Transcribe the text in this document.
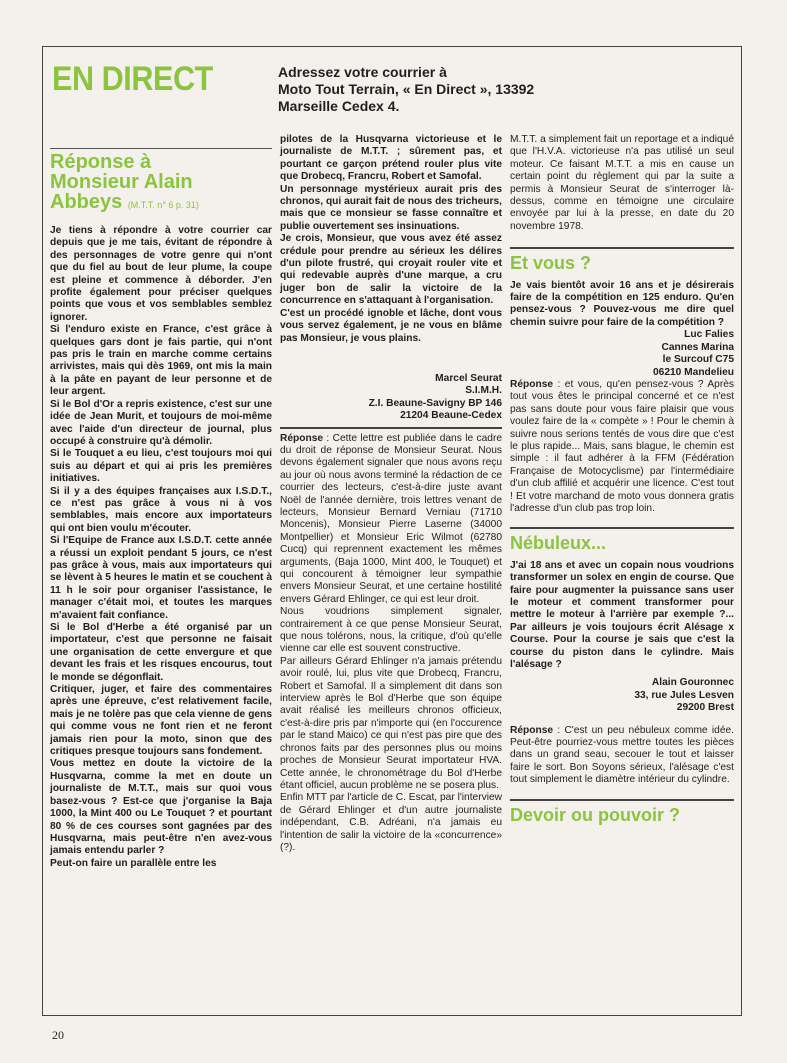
EN DIRECT	Adressez votre courrier à
Moto Tout Terrain, « En Direct », 13392
Marseille Cedex 4.
Réponse à
Monsieur Alain
Abbeys (M.T.T. n° 6 p. 31)

Je tiens à répondre à votre courrier car depuis que je me tais, évitant de répondre à des personnages de votre genre qui n'ont que du fiel au bout de leur plume, la coupe est pleine et commence à déborder. J'en profite également pour préciser quelques points que vous et vos semblables semblez ignorer.

Si l'enduro existe en France, c'est grâce à quelques gars dont je fais partie, qui n'ont pas pris le train en marche comme certains arrivistes, mais qui dès 1969, ont mis la main à la pâte en payant de leur personne et de leur argent.

Si le Bol d'Or a repris existence, c'est sur une idée de Jean Murit, et toujours de moi-même avec l'aide d'un directeur de journal, plus occupé à construire qu'à démolir.

Si le Touquet a eu lieu, c'est toujours moi qui suis au départ et qui ai pris les premières initiatives.

Si il y a des équipes françaises aux I.S.D.T., ce n'est pas grâce à vous ni à vos semblables, mais encore aux importateurs qui ont bien voulu m'écouter.

Si l'Equipe de France aux I.S.D.T. cette année a réussi un exploit pendant 5 jours, ce n'est pas grâce à vous, mais aux importateurs qui se lèvent à 5 heures le matin et se couchent à 11 h le soir pour organiser l'assistance, le manager c'était moi, et toutes les marques m'avaient fait confiance.

Si le Bol d'Herbe a été organisé par un importateur, c'est que personne ne faisait une organisation de cette envergure et que devant les frais et les risques encourus, tout le monde se dégonflait.

Critiquer, juger, et faire des commentaires après une épreuve, c'est relativement facile, mais je ne tolère pas que cela vienne de gens qui comme vous ne font rien et ne feront jamais rien pour la moto, sinon que des critiques presque toujours sans fondement.

Vous mettez en doute la victoire de la Husqvarna, comme la met en doute un journaliste de M.T.T., mais sur quoi vous basez-vous ? Est-ce que j'organise la Baja 1000, la Mint 400 ou Le Touquet ? et pourtant 80 % de ces courses sont gagnées par des Husqvarna, mais peut-être n'en avez-vous jamais entendu parler ?

Peut-on faire un parallèle entre les

pilotes de la Husqvarna victorieuse et le journaliste de M.T.T. ; sûrement pas, et pourtant ce garçon prétend rouler plus vite que Drobecq, Francru, Robert et Samofal.

Un personnage mystérieux aurait pris des chronos, qui aurait fait de nous des tricheurs, mais que ce monsieur se fasse connaître et publie ouvertement ses insinuations.

Je crois, Monsieur, que vous avez été assez crédule pour prendre au sérieux les délires d'un pilote frustré, qui croyait rouler vite et qui redevable auprès d'une marque, a cru juger bon de salir la victoire de la concurrence en s'attaquant à l'organisation.

C'est un procédé ignoble et lâche, dont vous vous servez également, je ne vous en blâme pas Monsieur, je vous plains.

Marcel Seurat
S.I.M.H.
Z.I. Beaune-Savigny BP 146
21204 Beaune-Cedex

Réponse : Cette lettre est publiée dans le cadre du droit de réponse de Monsieur Seurat. Nous devons également signaler que nous avons reçu au jour où nous avons terminé la rédaction de ce courrier des lecteurs, c'est-à-dire juste avant Noël de l'année dernière, trois lettres venant de lecteurs, Monsieur Bernard Verniau (71710 Moncenis), Monsieur Pierre Laserne (34000 Montpellier) et Monsieur Eric Wilmot (62780 Cucq) qui reprennent exactement les mêmes arguments, (Baja 1000, Mint 400, le Touquet) et qui concourent à témoigner leur sympathie envers Monsieur Seurat, et une certaine hostilité envers Gérard Ehlinger, ce qui est leur droit.

Nous voudrions simplement signaler, contrairement à ce que pense Monsieur Seurat, que nous tolérons, nous, la critique, d'où qu'elle vienne car elle est souvent constructive.

Par ailleurs Gérard Ehlinger n'a jamais prétendu avoir roulé, lui, plus vite que Drobecq, Francru, Robert et Samofal. Il a simplement dit dans son interview après le Bol d'Herbe que son équipe avait réalisé les meilleurs chronos officieux, c'est-à-dire pris par n'importe qui (en l'occurence par le stand Maico) ce qui n'est pas pire que des chronos faits par des personnes plus ou moins proches de Monsieur Seurat importateur HVA. Cette année, le chronométrage du Bol d'Herbe étant officiel, aucun problème ne se posera plus.

Enfin MTT par l'article de C. Escat, par l'interview de Gérard Ehlinger et d'un autre journaliste indépendant, C.B. Adréani, n'a jamais eu l'intention de salir la victoire de la «concurrence» (?).

M.T.T. a simplement fait un reportage et a indiqué que l'H.V.A. victorieuse n'a pas utilisé un seul moteur. Ce faisant M.T.T. a mis en cause un certain point du règlement qui par la suite a permis à Monsieur Seurat de s'interroger là-dessus, comme en témoigne une circulaire envoyée par lui à la presse, en date du 20 novembre 1978.

Et vous ?

Je vais bientôt avoir 16 ans et je désirerais faire de la compétition en 125 enduro. Qu'en pensez-vous ? Pouvez-vous me dire quel chemin suivre pour faire de la compétition ?

Luc Falies
Cannes Marina
le Surcouf C75
06210 Mandelieu

Réponse : et vous, qu'en pensez-vous ? Après tout vous êtes le principal concerné et ce n'est pas sans doute pour vous faire plaisir que vous voulez faire de la « compète » ! Pour le chemin à suivre nous serions tentés de vous dire que c'est le plus rapide... Mais, sans blague, le chemin est simple : il faut adhérer à la FFM (Fédération Française de Motocyclisme) par l'intermédiaire d'un club affilié et acquérir une licence. C'est tout ! Et votre marchand de moto vous donnera gratis l'adresse d'un club pas trop loin.

Nébuleux...

J'ai 18 ans et avec un copain nous voudrions transformer un solex en engin de course. Que faire pour augmenter la puissance sans user le moteur et comment transformer pour mettre le moteur à l'arrière par exemple ?... Par ailleurs je vois toujours écrit Alésage x Course. Pour la course je sais que c'est la course du piston dans le cylindre. Mais l'alésage ?

Alain Gouronnec
33, rue Jules Lesven
29200 Brest

Réponse : C'est un peu nébuleux comme idée. Peut-être pourriez-vous mettre toutes les pièces dans un grand seau, secouer le tout et laisser faire le sort. Bon Soyons sérieux, l'alésage c'est tout simplement le diamètre intérieur du cylindre.

Devoir ou pouvoir ?
20
